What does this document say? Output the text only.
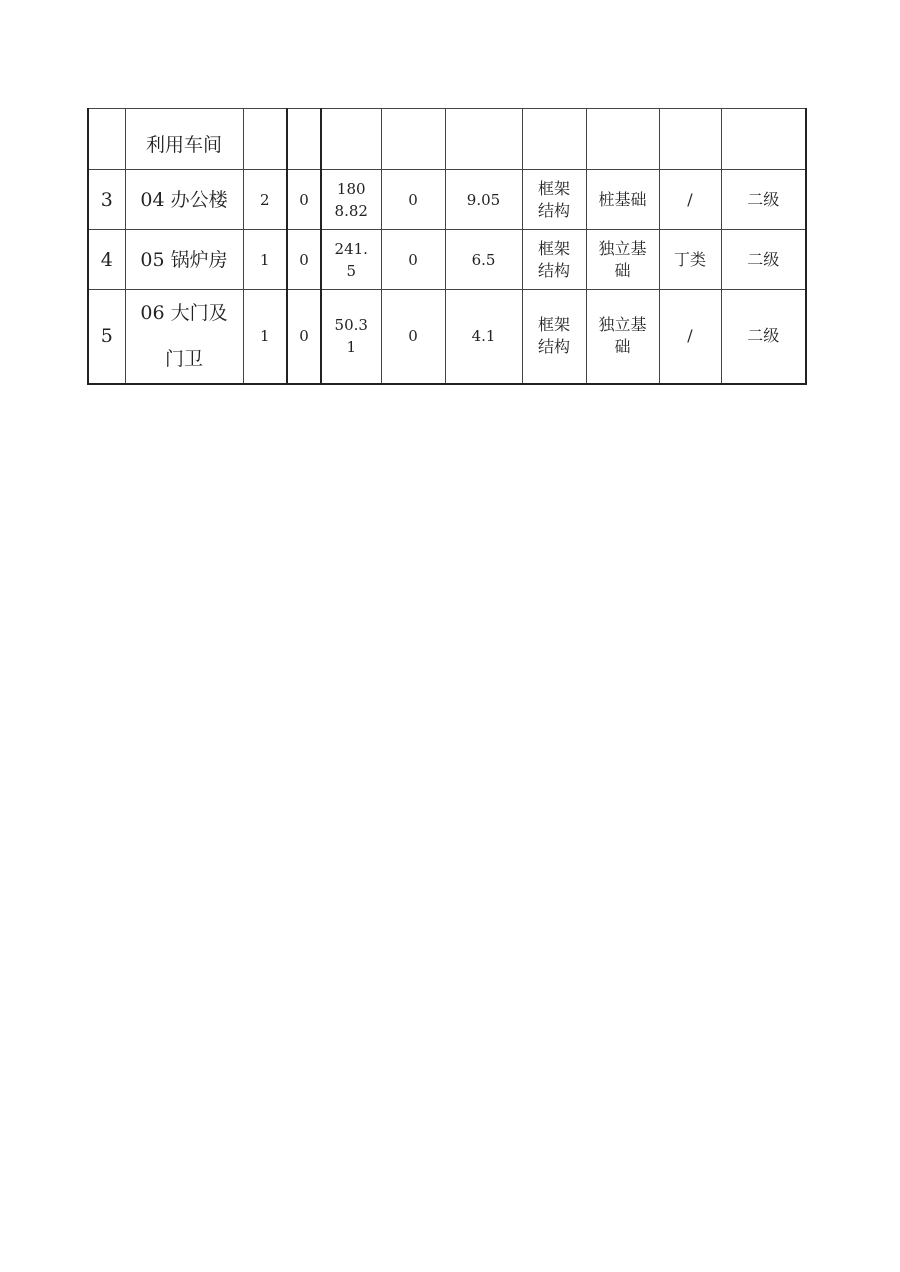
	利用车间									
3	04 办公楼	2	0	1808.82	0	9.05	框架结构	桩基础	/	二级
4	05 锅炉房	1	0	241.5	0	6.5	框架结构	独立基础	丁类	二级
5	06 大门及门卫	1	0	50.31	0	4.1	框架结构	独立基础	/	二级
